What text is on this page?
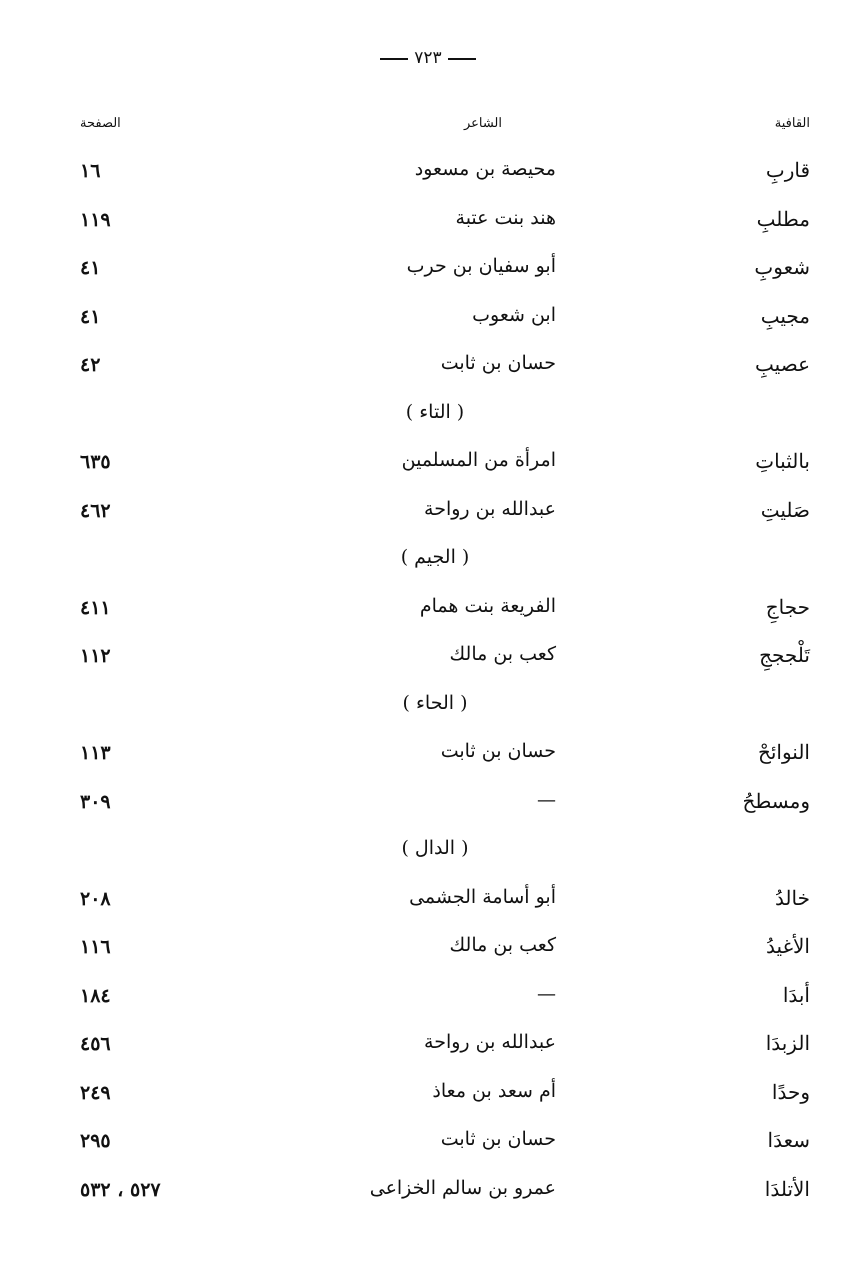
٧٢٣
القافية
الشاعر
الصفحة
قاربِ
محيصة بن مسعود
١٦
مطلبِ
هند بنت عتبة
١١٩
شعوبِ
أبو سفيان بن حرب
٤١
مجيبِ
ابن شعوب
٤١
عصيبِ
حسان بن ثابت
٤٢
( التاء )
بالثباتِ
امرأة من المسلمين
٦٣٥
صَليتِ
عبدالله بن رواحة
٤٦٢
( الجيم )
حجاجِ
الفريعة بنت همام
٤١١
تَلْجججِ
كعب بن مالك
١١٢
( الحاء )
النوائحْ
حسان بن ثابت
١١٣
ومسطحُ
—
٣٠٩
( الدال )
خالدُ
أبو أسامة الجشمى
٢٠٨
الأغيدُ
كعب بن مالك
١١٦
أبدَا
—
١٨٤
الزبدَا
عبدالله بن رواحة
٤٥٦
وحدًا
أم سعد بن معاذ
٢٤٩
سعدَا
حسان بن ثابت
٢٩٥
الأتلدَا
عمرو بن سالم الخزاعى
٥٢٧ ، ٥٣٢
